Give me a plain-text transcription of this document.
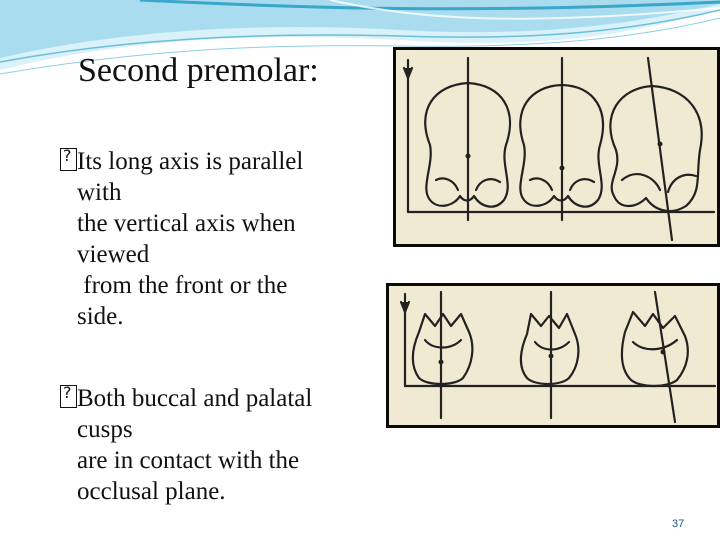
Second premolar:
?
Its long axis is parallel
with
the vertical axis when
viewed
from the front or the
side.
?
Both buccal and palatal
cusps
are in contact with the
occlusal plane.
37
